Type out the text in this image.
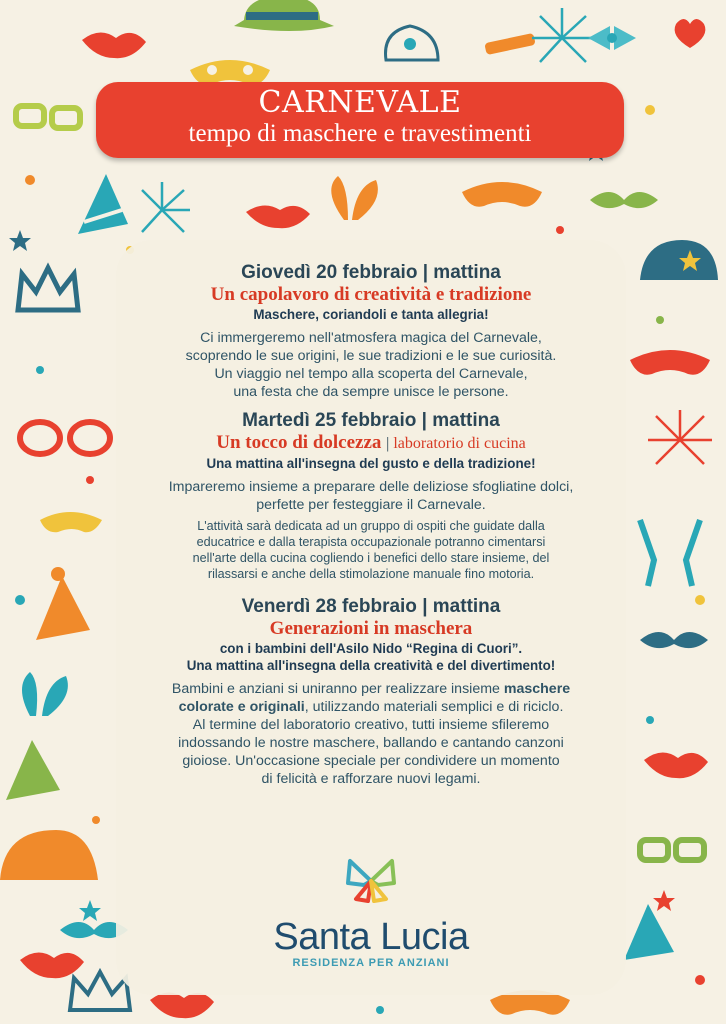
CARNEVALE
tempo di maschere e travestimenti

Giovedì 20 febbraio | mattina

Un capolavoro di creatività e tradizione

Maschere, coriandoli e tanta allegria!

Ci immergeremo nell'atmosfera magica del Carnevale,

scoprendo le sue origini, le sue tradizioni e le sue curiosità.

Un viaggio nel tempo alla scoperta del Carnevale,

una festa che da sempre unisce le persone.

Martedì 25 febbraio | mattina

Un tocco di dolcezza | laboratorio di cucina

Una mattina all'insegna del gusto e della tradizione!

Impareremo insieme a preparare delle deliziose sfogliatine dolci,

perfette per festeggiare il Carnevale.

L'attività sarà dedicata ad un gruppo di ospiti che guidate dalla

educatrice e dalla terapista occupazionale potranno cimentarsi

nell'arte della cucina cogliendo i benefici dello stare insieme, del

rilassarsi e anche della stimolazione manuale fino motoria.

Venerdì 28 febbraio | mattina

Generazioni in maschera

con i bambini dell'Asilo Nido “Regina di Cuori”.

Una mattina all'insegna della creatività e del divertimento!

Bambini e anziani si uniranno per realizzare insieme maschere

colorate e originali, utilizzando materiali semplici e di riciclo.

Al termine del laboratorio creativo, tutti insieme sfileremo

indossando le nostre maschere, ballando e cantando canzoni

gioiose. Un'occasione speciale per condividere un momento

di felicità e rafforzare nuovi legami.

Santa Lucia
RESIDENZA PER ANZIANI
